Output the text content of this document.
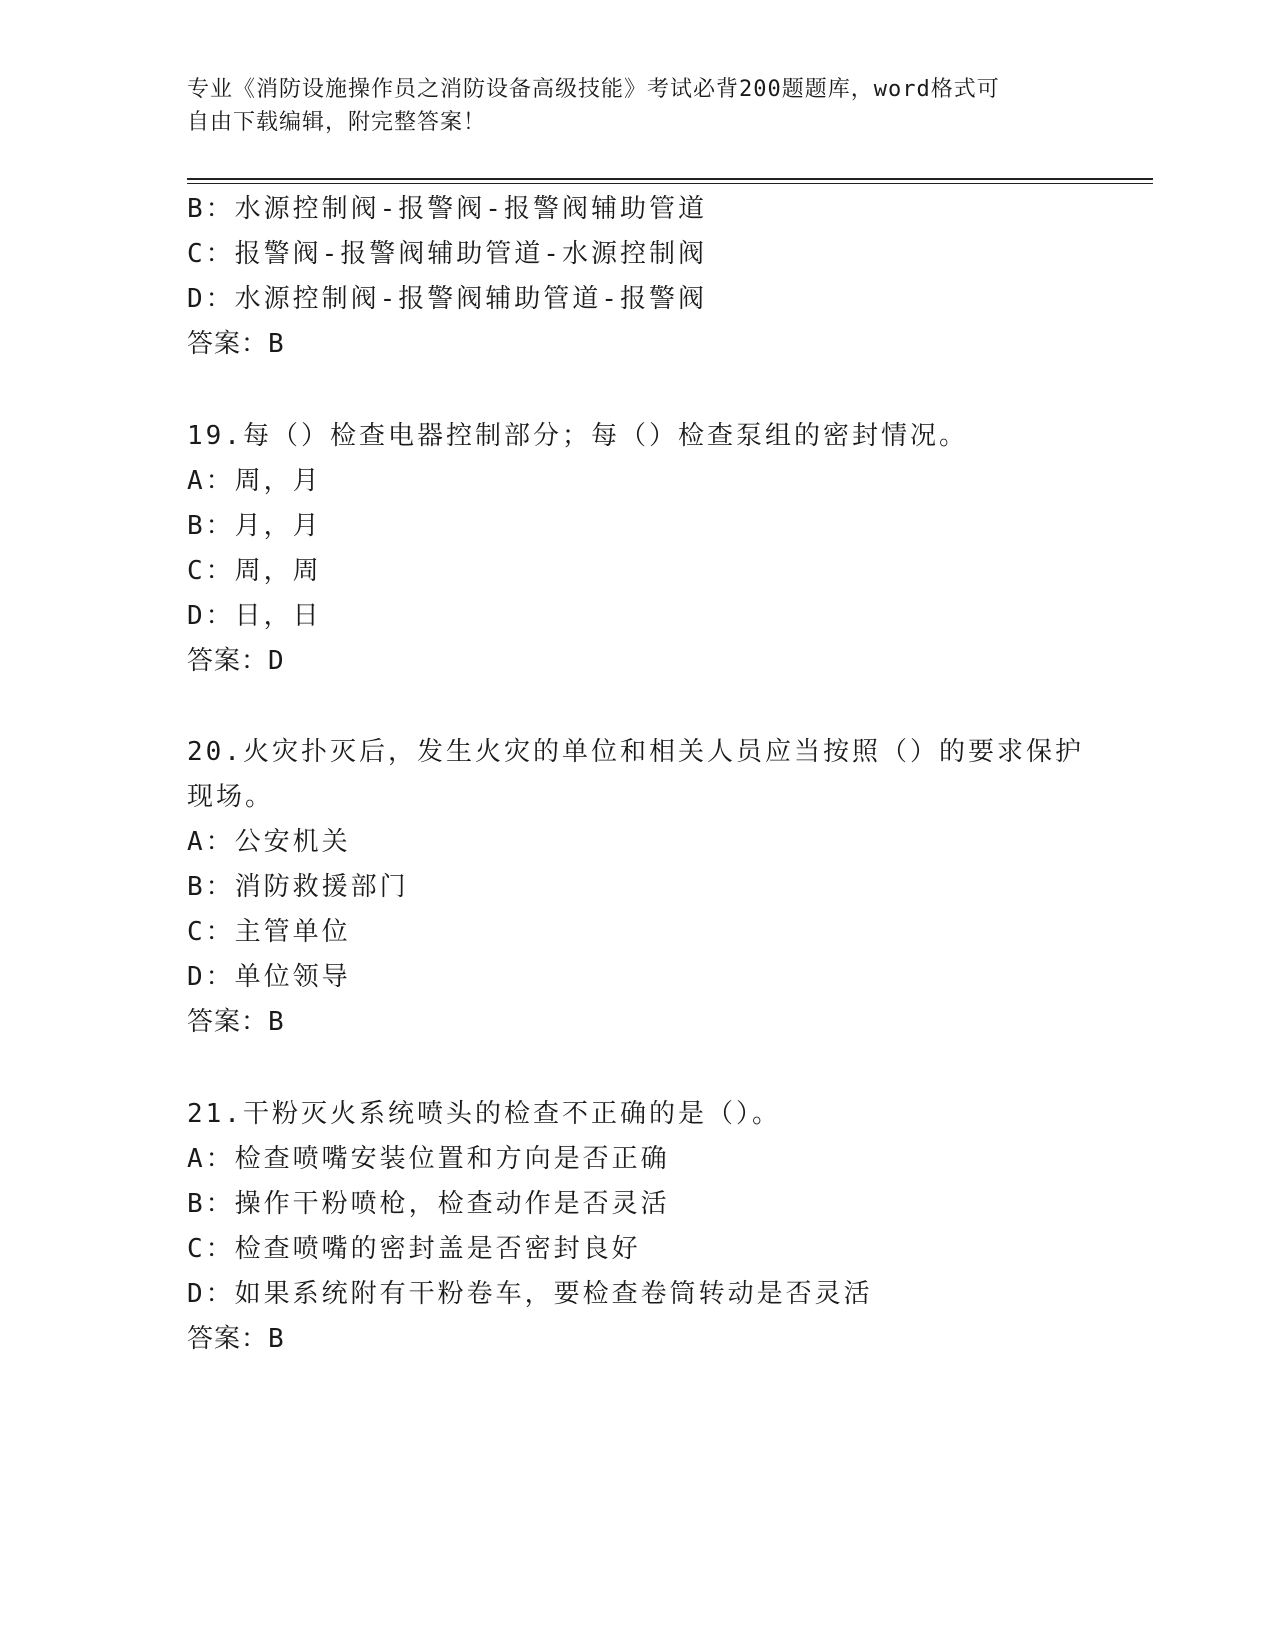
专业《消防设施操作员之消防设备高级技能》考试必背200题题库，word格式可
自由下载编辑，附完整答案！
B：水源控制阀-报警阀-报警阀辅助管道
C：报警阀-报警阀辅助管道-水源控制阀
D：水源控制阀-报警阀辅助管道-报警阀
答案：B
19.每（）检查电器控制部分；每（）检查泵组的密封情况。
A：周，月
B：月，月
C：周，周
D：日，日
答案：D
20.火灾扑灭后，发生火灾的单位和相关人员应当按照（）的要求保护
现场。
A：公安机关
B：消防救援部门
C：主管单位
D：单位领导
答案：B
21.干粉灭火系统喷头的检查不正确的是（）。
A：检查喷嘴安装位置和方向是否正确
B：操作干粉喷枪，检查动作是否灵活
C：检查喷嘴的密封盖是否密封良好
D：如果系统附有干粉卷车，要检查卷筒转动是否灵活
答案：B
